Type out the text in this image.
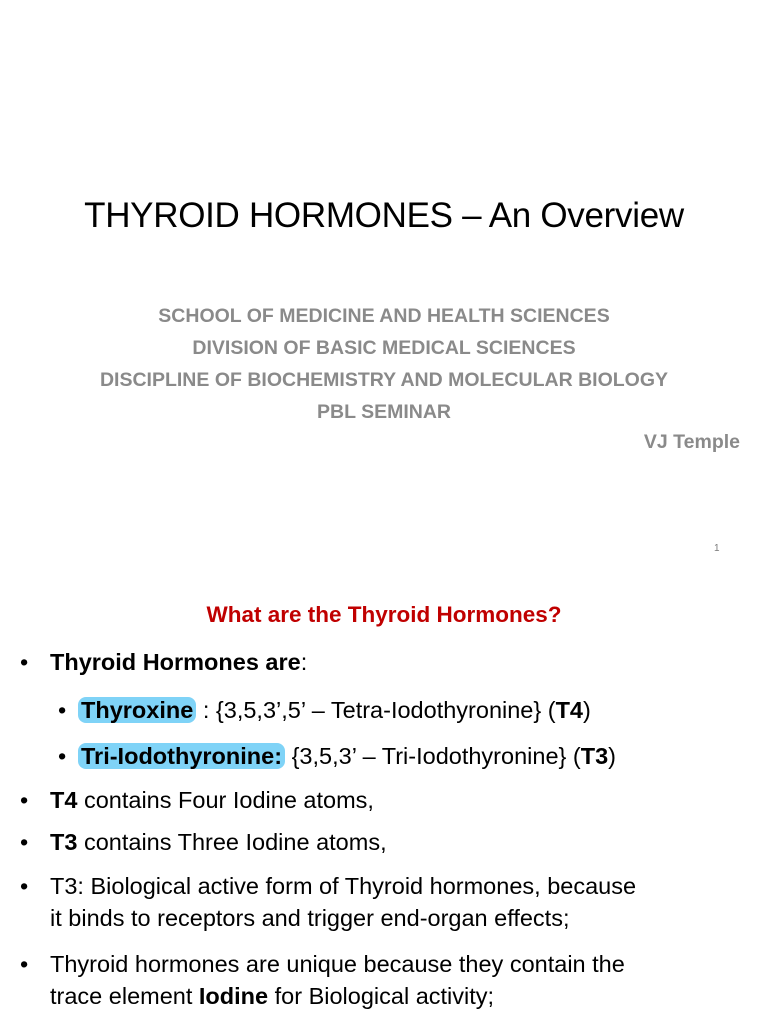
THYROID HORMONES – An Overview
SCHOOL OF MEDICINE AND HEALTH SCIENCES
DIVISION OF BASIC MEDICAL SCIENCES
DISCIPLINE OF BIOCHEMISTRY AND MOLECULAR BIOLOGY
PBL SEMINAR
VJ Temple
1
What are the Thyroid Hormones?
• Thyroid Hormones are:
• Thyroxine : {3,5,3’,5’ – Tetra-Iodothyronine} (T4)
• Tri-Iodothyronine: {3,5,3’ – Tri-Iodothyronine} (T3)
• T4 contains Four Iodine atoms,
• T3 contains Three Iodine atoms,
• T3: Biological active form of Thyroid hormones, because
it binds to receptors and trigger end-organ effects;
• Thyroid hormones are unique because they contain the
trace element Iodine for Biological activity;
